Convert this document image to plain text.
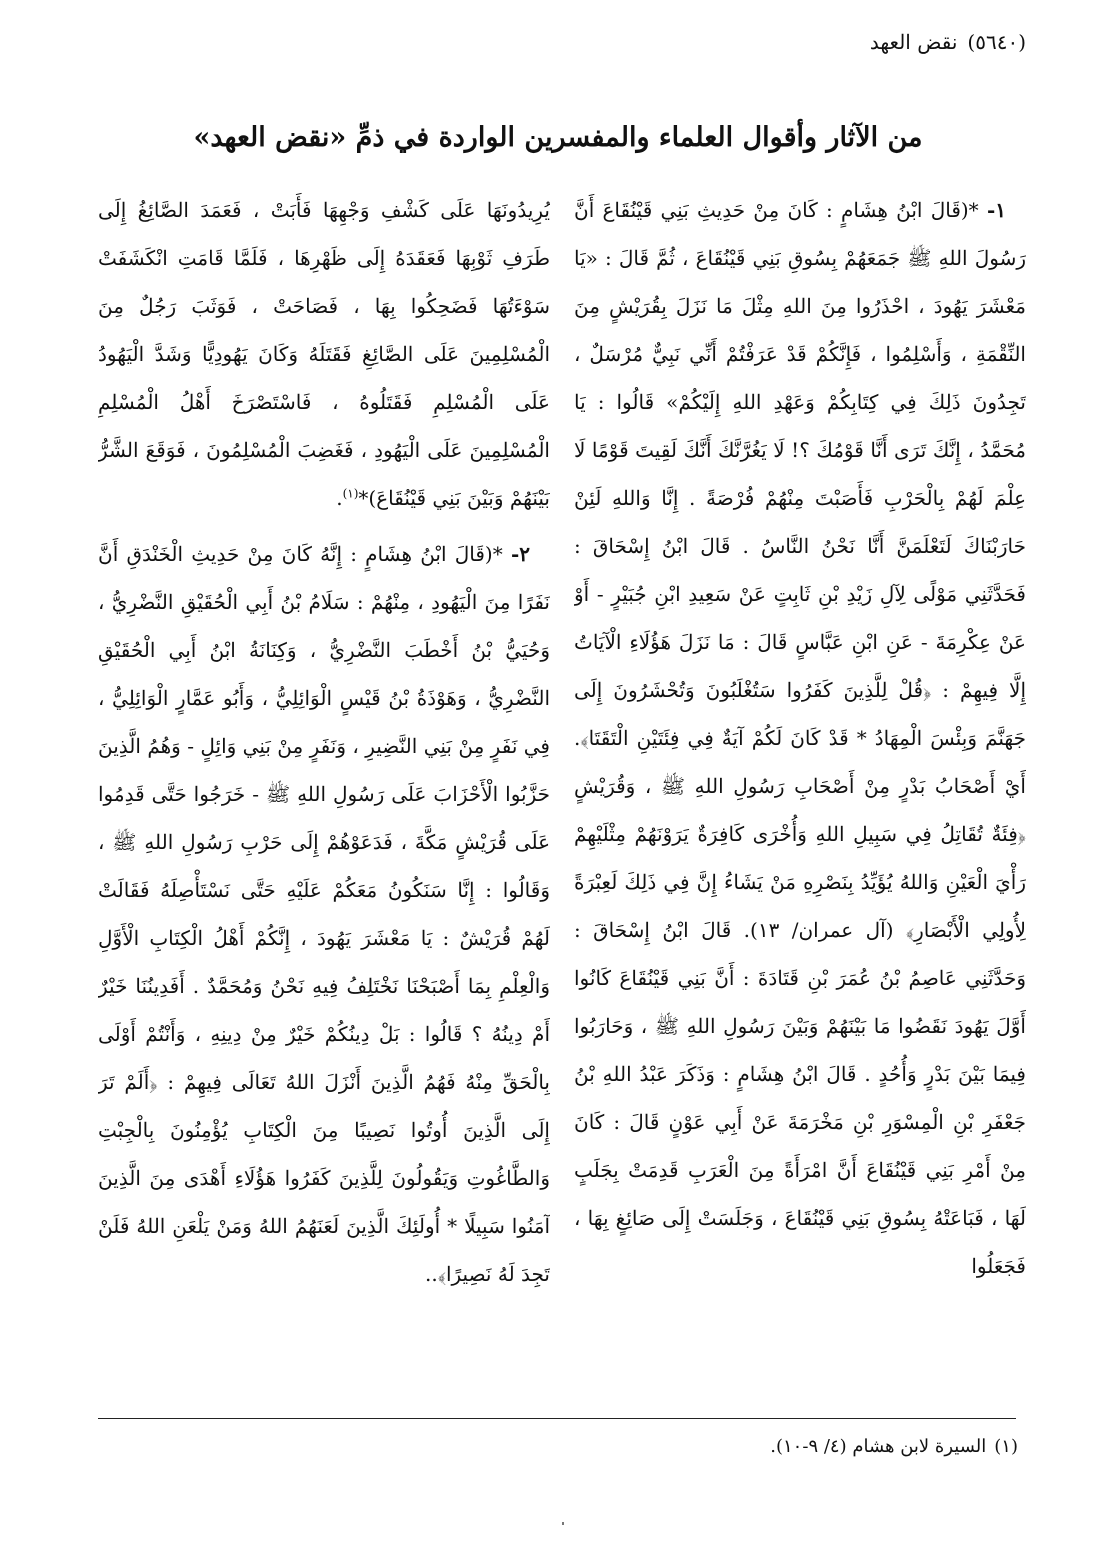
(٥٦٤٠)نقض العهد
من الآثار وأقوال العلماء والمفسرين الواردة في ذمِّ «نقض العهد»

١- *(قَالَ ابْنُ هِشَامٍ : كَانَ مِنْ حَدِيثِ بَنِي قَيْنُقَاعَ أَنَّ رَسُولَ اللهِ ﷺ جَمَعَهُمْ بِسُوقِ بَنِي قَيْنُقَاعَ ، ثُمَّ قَالَ : «يَا مَعْشَرَ يَهُودَ ، احْذَرُوا مِنَ اللهِ مِثْلَ مَا نَزَلَ بِقُرَيْشٍ مِنَ النِّقْمَةِ ، وَأَسْلِمُوا ، فَإِنَّكُمْ قَدْ عَرَفْتُمْ أَنِّي نَبِيٌّ مُرْسَلٌ ، تَجِدُونَ ذَلِكَ فِي كِتَابِكُمْ وَعَهْدِ اللهِ إِلَيْكُمْ» قَالُوا : يَا مُحَمَّدُ ، إِنَّكَ تَرَى أَنَّا قَوْمُكَ ؟! لَا يَغُرَّنَّكَ أَنَّكَ لَقِيتَ قَوْمًا لَا عِلْمَ لَهُمْ بِالْحَرْبِ فَأَصَبْتَ مِنْهُمْ فُرْصَةً . إِنَّا وَاللهِ لَئِنْ حَارَبْنَاكَ لَتَعْلَمَنَّ أَنَّا نَحْنُ النَّاسُ . قَالَ ابْنُ إِسْحَاقَ : فَحَدَّثَنِي مَوْلًى لِآلِ زَيْدِ بْنِ ثَابِتٍ عَنْ سَعِيدِ ابْنِ جُبَيْرٍ - أَوْ عَنْ عِكْرِمَةَ - عَنِ ابْنِ عَبَّاسٍ قَالَ : مَا نَزَلَ هَؤُلَاءِ الْآيَاتُ إِلَّا فِيهِمْ : ﴿قُلْ لِلَّذِينَ كَفَرُوا سَتُغْلَبُونَ وَتُحْشَرُونَ إِلَى جَهَنَّمَ وَبِئْسَ الْمِهَادُ * قَدْ كَانَ لَكُمْ آيَةٌ فِي فِئَتَيْنِ الْتَقَتَا﴾. أَيْ أَصْحَابُ بَدْرٍ مِنْ أَصْحَابِ رَسُولِ اللهِ ﷺ ، وَقُرَيْشٍ ﴿فِئَةٌ تُقَاتِلُ فِي سَبِيلِ اللهِ وَأُخْرَى كَافِرَةٌ يَرَوْنَهُمْ مِثْلَيْهِمْ رَأْيَ الْعَيْنِ وَاللهُ يُؤَيِّدُ بِنَصْرِهِ مَنْ يَشَاءُ إِنَّ فِي ذَلِكَ لَعِبْرَةً لِأُولِي الْأَبْصَارِ﴾ (آل عمران/ ١٣). قَالَ ابْنُ إِسْحَاقَ : وَحَدَّثَنِي عَاصِمُ بْنُ عُمَرَ بْنِ قَتَادَةَ : أَنَّ بَنِي قَيْنُقَاعَ كَانُوا أَوَّلَ يَهُودَ نَقَضُوا مَا بَيْنَهُمْ وَبَيْنَ رَسُولِ اللهِ ﷺ ، وَحَارَبُوا فِيمَا بَيْنَ بَدْرٍ وَأُحُدٍ . قَالَ ابْنُ هِشَامٍ : وَذَكَرَ عَبْدُ اللهِ بْنُ جَعْفَرِ بْنِ الْمِسْوَرِ بْنِ مَخْرَمَةَ عَنْ أَبِي عَوْنٍ قَالَ : كَانَ مِنْ أَمْرِ بَنِي قَيْنُقَاعَ أَنَّ امْرَأَةً مِنَ الْعَرَبِ قَدِمَتْ بِجَلَبٍ لَهَا ، فَبَاعَتْهُ بِسُوقِ بَنِي قَيْنُقَاعَ ، وَجَلَسَتْ إِلَى صَائِغٍ بِهَا ، فَجَعَلُوا

يُرِيدُونَهَا عَلَى كَشْفِ وَجْهِهَا فَأَبَتْ ، فَعَمَدَ الصَّائِغُ إِلَى طَرَفِ ثَوْبِهَا فَعَقَدَهُ إِلَى ظَهْرِهَا ، فَلَمَّا قَامَتِ انْكَشَفَتْ سَوْءَتُهَا فَضَحِكُوا بِهَا ، فَصَاحَتْ ، فَوَثَبَ رَجُلٌ مِنَ الْمُسْلِمِينَ عَلَى الصَّائِغِ فَقَتَلَهُ وَكَانَ يَهُودِيًّا وَشَدَّ الْيَهُودُ عَلَى الْمُسْلِمِ فَقَتَلُوهُ ، فَاسْتَصْرَخَ أَهْلُ الْمُسْلِمِ الْمُسْلِمِينَ عَلَى الْيَهُودِ ، فَغَضِبَ الْمُسْلِمُونَ ، فَوَقَعَ الشَّرُّ بَيْنَهُمْ وَبَيْنَ بَنِي قَيْنُقَاعَ)*$^{(١)}$.

٢- *(قَالَ ابْنُ هِشَامٍ : إِنَّهُ كَانَ مِنْ حَدِيثِ الْخَنْدَقِ أَنَّ نَفَرًا مِنَ الْيَهُودِ ، مِنْهُمْ : سَلَامُ بْنُ أَبِي الْحُقَيْقِ النَّضْرِيُّ ، وَحُيَيُّ بْنُ أَخْطَبَ النَّضْرِيُّ ، وَكِنَانَةُ ابْنُ أَبِي الْحُقَيْقِ النَّضْرِيُّ ، وَهَوْذَةُ بْنُ قَيْسٍ الْوَائِلِيُّ ، وَأَبُو عَمَّارٍ الْوَائِلِيُّ ، فِي نَفَرٍ مِنْ بَنِي النَّضِيرِ ، وَنَفَرٍ مِنْ بَنِي وَائِلٍ - وَهُمُ الَّذِينَ حَزَّبُوا الْأَحْزَابَ عَلَى رَسُولِ اللهِ ﷺ - خَرَجُوا حَتَّى قَدِمُوا عَلَى قُرَيْشٍ مَكَّةَ ، فَدَعَوْهُمْ إِلَى حَرْبِ رَسُولِ اللهِ ﷺ ، وَقَالُوا : إِنَّا سَنَكُونُ مَعَكُمْ عَلَيْهِ حَتَّى نَسْتَأْصِلَهُ فَقَالَتْ لَهُمْ قُرَيْشٌ : يَا مَعْشَرَ يَهُودَ ، إِنَّكُمْ أَهْلُ الْكِتَابِ الْأَوَّلِ وَالْعِلْمِ بِمَا أَصْبَحْنَا نَخْتَلِفُ فِيهِ نَحْنُ وَمُحَمَّدٌ . أَفَدِينُنَا خَيْرٌ أَمْ دِينُهُ ؟ قَالُوا : بَلْ دِينُكُمْ خَيْرٌ مِنْ دِينِهِ ، وَأَنْتُمْ أَوْلَى بِالْحَقِّ مِنْهُ فَهُمُ الَّذِينَ أَنْزَلَ اللهُ تَعَالَى فِيهِمْ : ﴿أَلَمْ تَرَ إِلَى الَّذِينَ أُوتُوا نَصِيبًا مِنَ الْكِتَابِ يُؤْمِنُونَ بِالْجِبْتِ وَالطَّاغُوتِ وَيَقُولُونَ لِلَّذِينَ كَفَرُوا هَؤُلَاءِ أَهْدَى مِنَ الَّذِينَ آمَنُوا سَبِيلًا * أُولَئِكَ الَّذِينَ لَعَنَهُمُ اللهُ وَمَنْ يَلْعَنِ اللهُ فَلَنْ تَجِدَ لَهُ نَصِيرًا﴾..

(١)السيرة لابن هشام (٤/ ٩-١٠).
